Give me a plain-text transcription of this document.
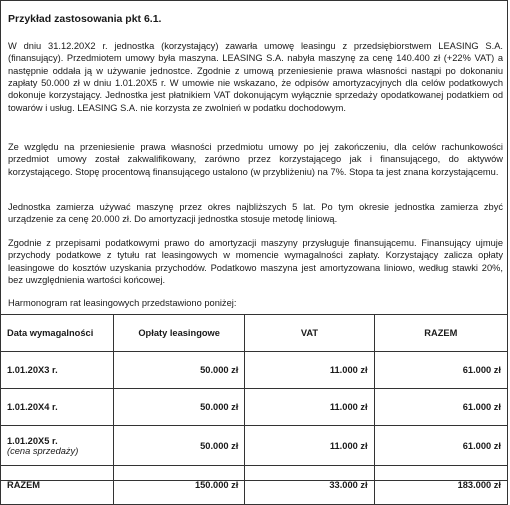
Przykład zastosowania pkt 6.1.

W dniu 31.12.20X2 r. jednostka (korzystający) zawarła umowę leasingu z przedsiębiorstwem LEASING S.A. (finansujący). Przedmiotem umowy była maszyna. LEASING S.A. nabyła maszynę za cenę 140.400 zł (+22% VAT) a następnie oddała ją w używanie jednostce. Zgodnie z umową przeniesienie prawa własności nastąpi po dokonaniu zapłaty 50.000 zł w dniu 1.01.20X5 r. W umowie nie wskazano, że odpisów amortyzacyjnych dla celów podatkowych dokonuje korzystający. Jednostka jest płatnikiem VAT dokonującym wyłącznie sprzedaży opodatkowanej podatkiem od towarów i usług. LEASING S.A. nie korzysta ze zwolnień w podatku dochodowym.

Ze względu na przeniesienie prawa własności przedmiotu umowy po jej zakończeniu, dla celów rachunkowości przedmiot umowy został zakwalifikowany, zarówno przez korzystającego jak i finansującego, do aktywów korzystającego. Stopę procentową finansującego ustalono (w przybliżeniu) na 7%. Stopa ta jest znana korzystającemu.

Jednostka zamierza używać maszynę przez okres najbliższych 5 lat. Po tym okresie jednostka zamierza zbyć urządzenie za cenę 20.000 zł. Do amortyzacji jednostka stosuje metodę liniową.

Zgodnie z przepisami podatkowymi prawo do amortyzacji maszyny przysługuje finansującemu. Finansujący ujmuje przychody podatkowe z tytułu rat leasingowych w momencie wymagalności zapłaty. Korzystający zalicza opłaty leasingowe do kosztów uzyskania przychodów. Podatkowo maszyna jest amortyzowana liniowo, według stawki 20%, bez uwzględnienia wartości końcowej.

Harmonogram rat leasingowych przedstawiono poniżej:

Data wymagalności	Opłaty leasingowe	VAT	RAZEM
1.01.20X3 r.	50.000 zł	11.000 zł	61.000 zł
1.01.20X4 r.	50.000 zł	11.000 zł	61.000 zł
1.01.20X5 r.
(cena sprzedaży)	50.000 zł	11.000 zł	61.000 zł
RAZEM	150.000 zł	33.000 zł	183.000 zł
